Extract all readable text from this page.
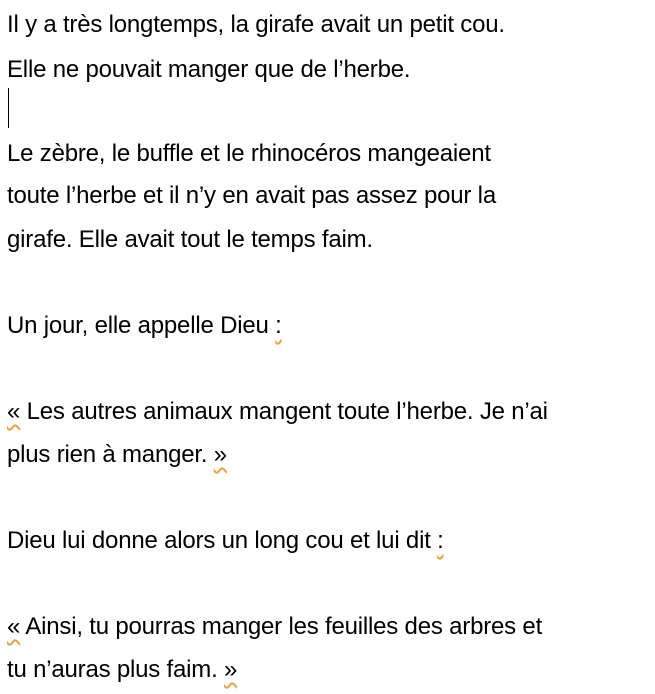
Il y a très longtemps, la girafe avait un petit cou.
Elle ne pouvait manger que de l’herbe.
Le zèbre, le buffle et le rhinocéros mangeaient
toute l’herbe et il n’y en avait pas assez pour la
girafe. Elle avait tout le temps faim.
Un jour, elle appelle Dieu :
« Les autres animaux mangent toute l’herbe. Je n’ai
plus rien à manger. »
Dieu lui donne alors un long cou et lui dit :
« Ainsi, tu pourras manger les feuilles des arbres et
tu n’auras plus faim. »
